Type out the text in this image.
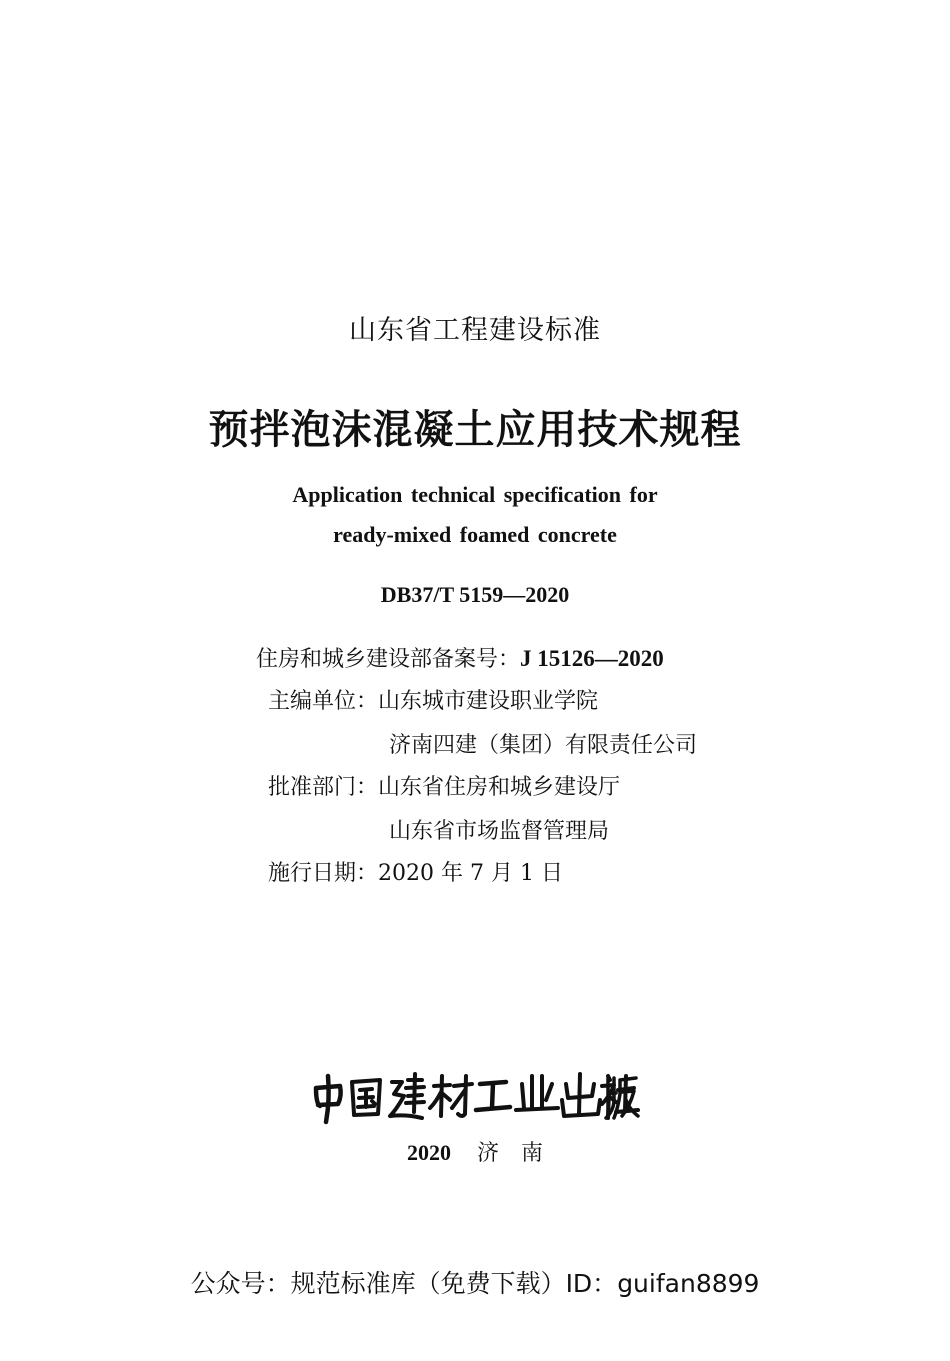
山东省工程建设标准
预拌泡沫混凝土应用技术规程
Application technical specification for
ready-mixed foamed concrete
DB37/T 5159—2020
住房和城乡建设部备案号：J 15126—2020
主编单位：山东城市建设职业学院
济南四建（集团）有限责任公司
批准部门：山东省住房和城乡建设厅
山东省市场监督管理局
施行日期：2020 年 7 月 1 日
2020 济 南
公众号：规范标准库（免费下载）ID：guifan8899
